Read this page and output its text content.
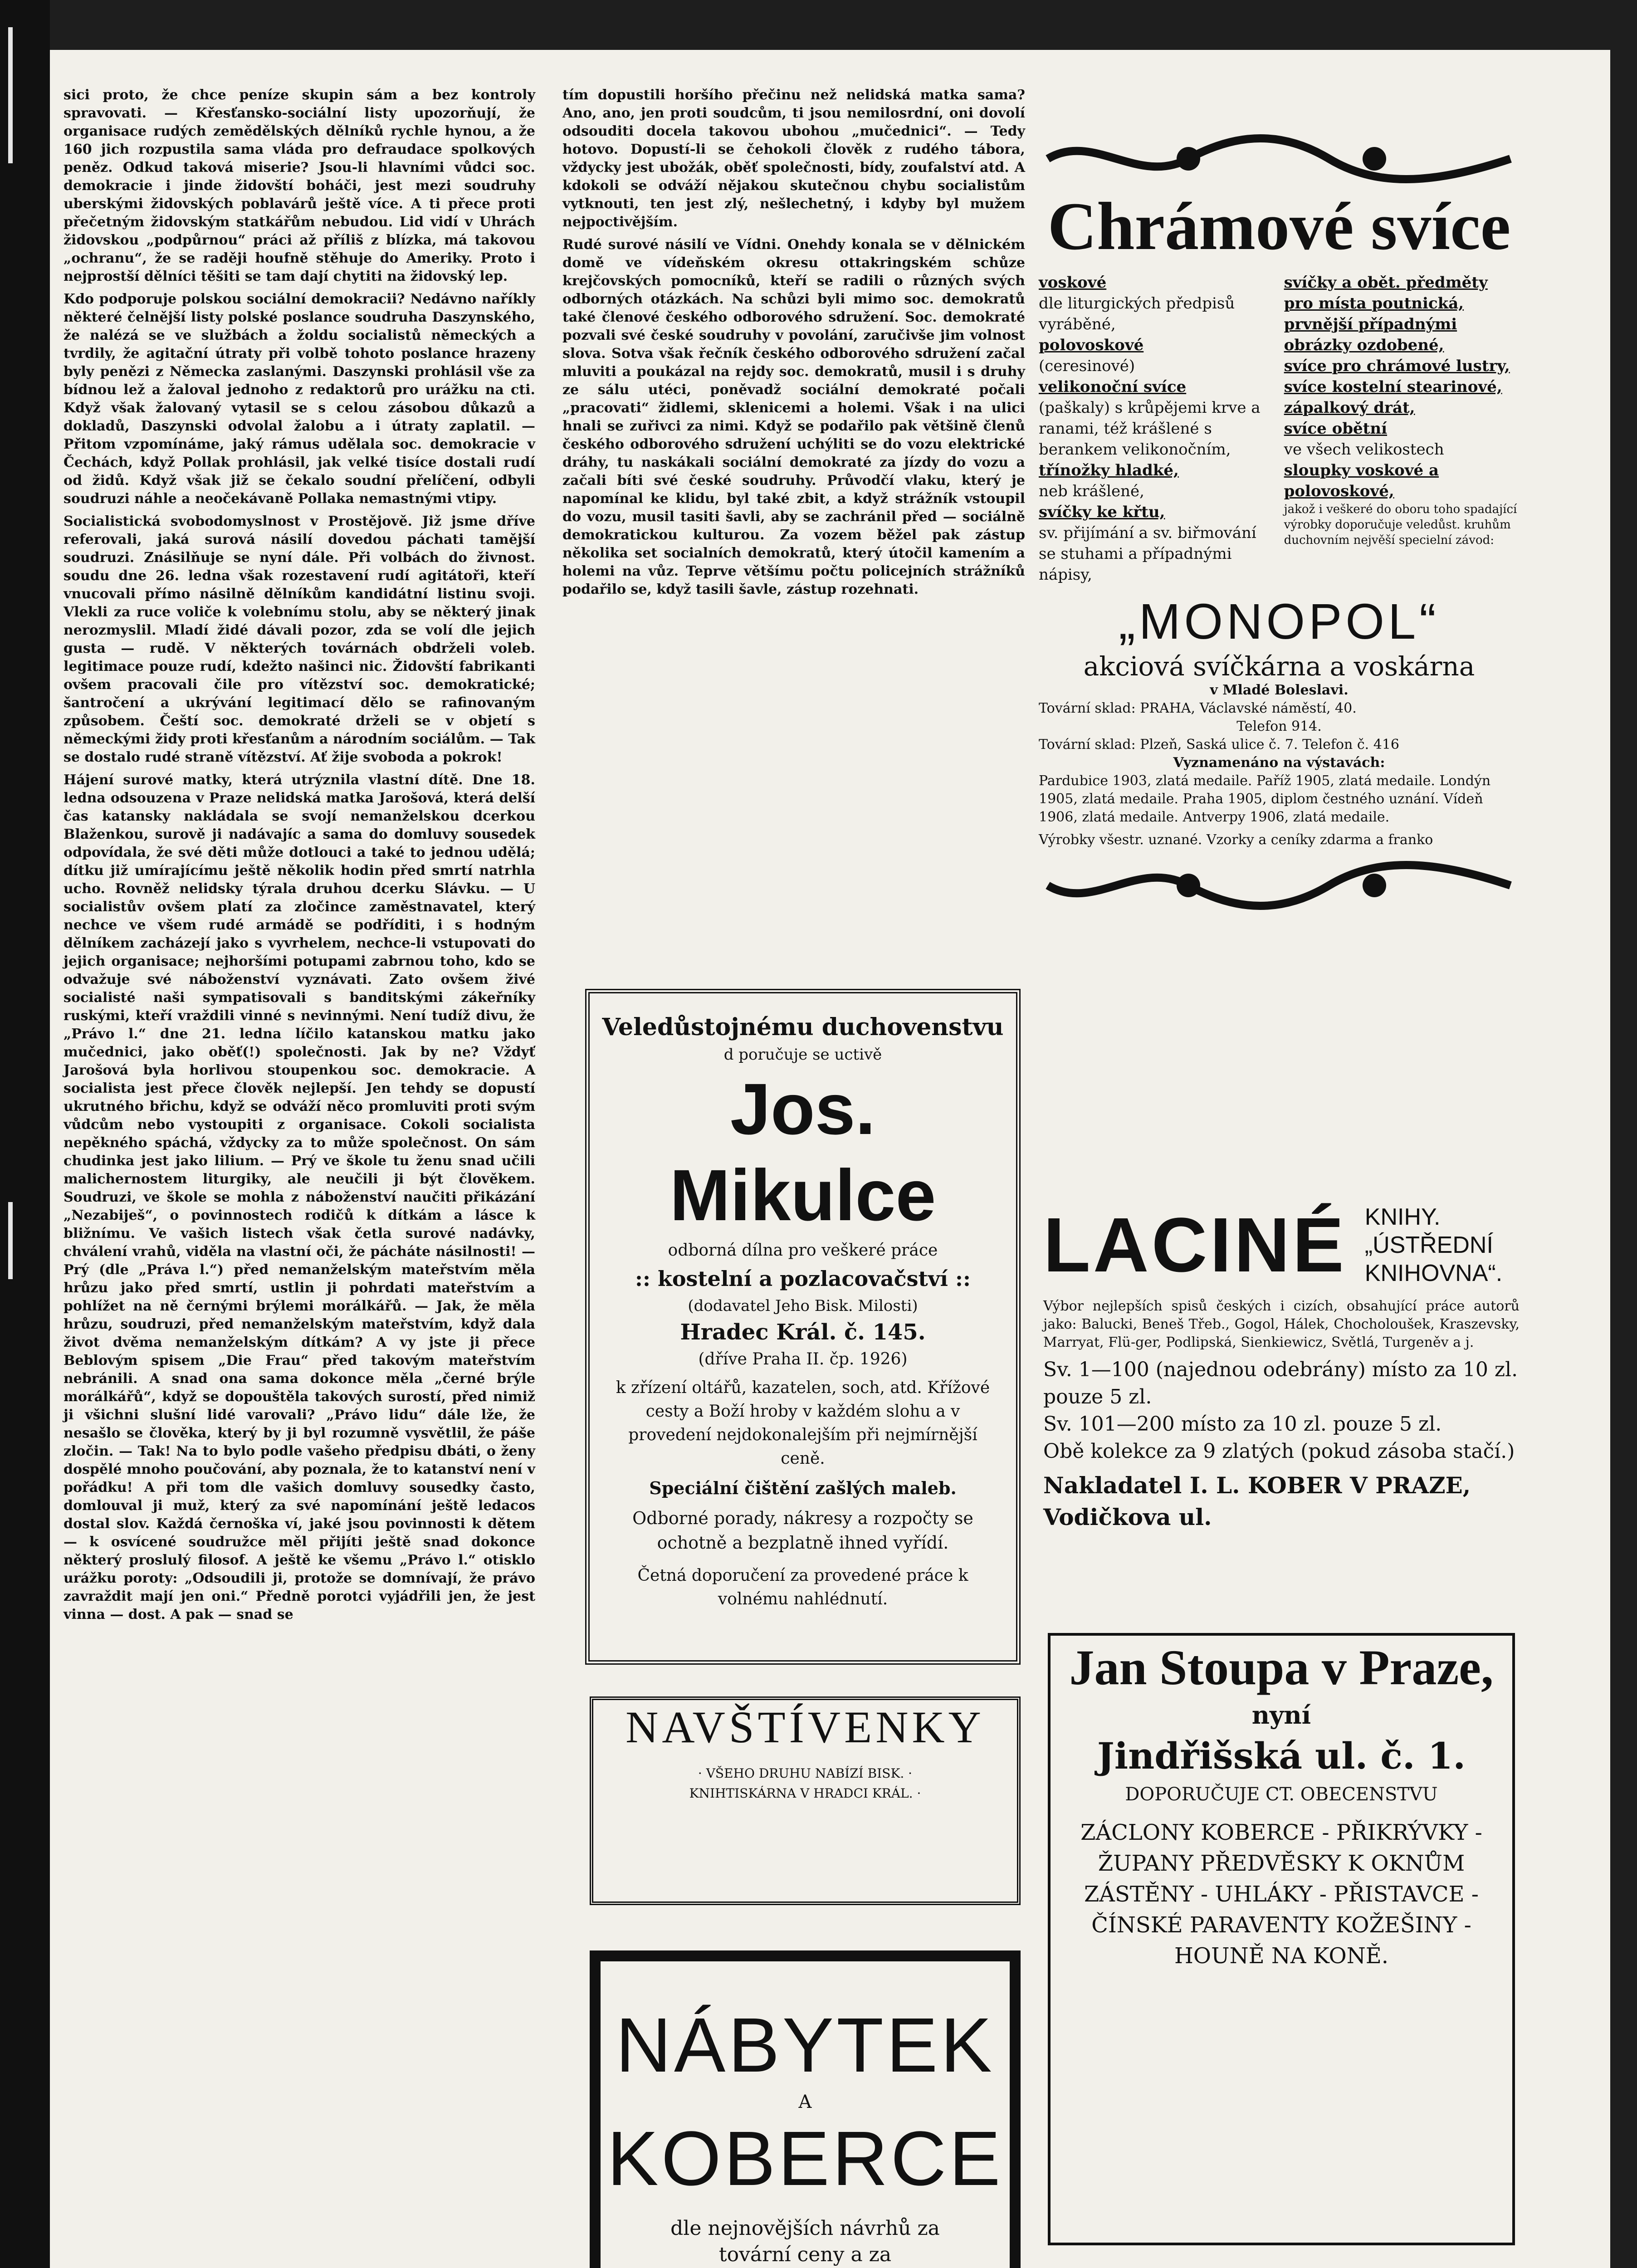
sici proto, že chce peníze skupin sám a bez kontroly spravovati. — Křesťansko-sociální listy upozorňují, že organisace rudých zemědělských dělníků rychle hynou, a že 160 jich rozpustila sama vláda pro defraudace spolkových peněz. Odkud taková miserie? Jsou-li hlavními vůdci soc. demokracie i jinde židovští boháči, jest mezi soudruhy uberskými židovských poblavárů ještě více. A ti přece proti přečetným židovským statkářům nebudou. Lid vidí v Uhrách židovskou „podpůrnou“ práci až příliš z blízka, má takovou „ochranu“, že se raději houfně stěhuje do Ameriky. Proto i nejprostší dělníci těšiti se tam dají chytiti na židovský lep.

Kdo podporuje polskou sociální demokracii? Nedávno naříkly některé čelnější listy polské poslance soudruha Daszynského, že nalézá se ve službách a žoldu socialistů německých a tvrdily, že agitační útraty při volbě tohoto poslance hrazeny byly penězi z Německa zaslanými. Daszynski prohlásil vše za bídnou lež a žaloval jednoho z redaktorů pro urážku na cti. Když však žalovaný vytasil se s celou zásobou důkazů a dokladů, Daszynski odvolal žalobu a i útraty zaplatil. — Přitom vzpomínáme, jaký rámus udělala soc. demokracie v Čechách, když Pollak prohlásil, jak velké tisíce dostali rudí od židů. Když však již se čekalo soudní přelíčení, odbyli soudruzi náhle a neočekávaně Pollaka nemastnými vtipy.

Socialistická svobodomyslnost v Prostějově. Již jsme dříve referovali, jaká surová násilí dovedou páchati tamější soudruzi. Znásilňuje se nyní dále. Při volbách do živnost. soudu dne 26. ledna však rozestavení rudí agitátoři, kteří vnucovali přímo násilně dělníkům kandidátní listinu svoji. Vlekli za ruce voliče k volebnímu stolu, aby se některý jinak nerozmyslil. Mladí židé dávali pozor, zda se volí dle jejich gusta — rudě. V některých továrnách obdrželi voleb. legitimace pouze rudí, kdežto našinci nic. Židovští fabrikanti ovšem pracovali čile pro vítězství soc. demokratické; šantročení a ukrývání legitimací dělo se rafinovaným způsobem. Čeští soc. demokraté drželi se v objetí s německými židy proti křesťanům a národním sociálům. — Tak se dostalo rudé straně vítězství. Ať žije svoboda a pokrok!

Hájení surové matky, která utrýznila vlastní dítě. Dne 18. ledna odsouzena v Praze nelidská matka Jarošová, která delší čas katansky nakládala se svojí nemanželskou dcerkou Blaženkou, surově ji nadávajíc a sama do domluvy sousedek odpovídala, že své děti může dotlouci a také to jednou udělá; dítku již umírajícímu ještě několik hodin před smrtí natrhla ucho. Rovněž nelidsky týrala druhou dcerku Slávku. — U socialistův ovšem platí za zločince zaměstnavatel, který nechce ve všem rudé armádě se podříditi, i s hodným dělníkem zacházejí jako s vyvrhelem, nechce-li vstupovati do jejich organisace; nejhoršími potupami zabrnou toho, kdo se odvažuje své náboženství vyznávati. Zato ovšem živé socialisté naši sympatisovali s banditskými zákeřníky ruskými, kteří vraždili vinné s nevinnými. Není tudíž divu, že „Právo l.“ dne 21. ledna líčilo katanskou matku jako mučednici, jako oběť(!) společnosti. Jak by ne? Vždyť Jarošová byla horlivou stoupenkou soc. demokracie. A socialista jest přece člověk nejlepší. Jen tehdy se dopustí ukrutného břichu, když se odváží něco promluviti proti svým vůdcům nebo vystoupiti z organisace. Cokoli socialista nepěkného spáchá, vždycky za to může společnost. On sám chudinka jest jako lilium. — Prý ve škole tu ženu snad učili malichernostem liturgiky, ale neučili ji být člověkem. Soudruzi, ve škole se mohla z náboženství naučiti přikázání „Nezabiješ“, o povinnostech rodičů k dítkám a lásce k bližnímu. Ve vašich listech však četla surové nadávky, chválení vrahů, viděla na vlastní oči, že pácháte násilnosti! — Prý (dle „Práva l.“) před nemanželským mateřstvím měla hrůzu jako před smrtí, ustlin ji pohrdati mateřstvím a pohlížet na ně černými brýlemi morálkářů. — Jak, že měla hrůzu, soudruzi, před nemanželským mateřstvím, když dala život dvěma nemanželským dítkám? A vy jste ji přece Beblovým spisem „Die Frau“ před takovým mateřstvím nebránili. A snad ona sama dokonce měla „černé brýle morálkářů“, když se dopouštěla takových surostí, před nimiž ji všichni slušní lidé varovali? „Právo lidu“ dále lže, že nesašlo se člověka, který by ji byl rozumně vysvětlil, že páše zločin. — Tak! Na to bylo podle vašeho předpisu dbáti, o ženy dospělé mnoho poučování, aby poznala, že to katanství není v pořádku! A při tom dle vašich domluvy sousedky často, domlouval ji muž, který za své napomínání ještě ledacos dostal slov. Každá černoška ví, jaké jsou povinnosti k dětem — k osvícené soudružce měl přijíti ještě snad dokonce některý proslulý filosof. A ještě ke všemu „Právo l.“ otisklo urážku poroty: „Odsoudili ji, protože se domnívají, že právo zavraždit mají jen oni.“ Předně porotci vyjádřili jen, že jest vinna — dost. A pak — snad se

tím dopustili horšího přečinu než nelidská matka sama? Ano, ano, jen proti soudcům, ti jsou nemilosrdní, oni dovolí odsouditi docela takovou ubohou „mučednici“. — Tedy hotovo. Dopustí-li se čehokoli člověk z rudého tábora, vždycky jest ubožák, oběť společnosti, bídy, zoufalství atd. A kdokoli se odváží nějakou skutečnou chybu socialistům vytknouti, ten jest zlý, nešlechetný, i kdyby byl mužem nejpoctivějším.

Rudé surové násilí ve Vídni. Onehdy konala se v dělnickém domě ve vídeňském okresu ottakringském schůze krejčovských pomocníků, kteří se radili o různých svých odborných otázkách. Na schůzi byli mimo soc. demokratů také členové českého odborového sdružení. Soc. demokraté pozvali své české soudruhy v povolání, zaručivše jim volnost slova. Sotva však řečník českého odborového sdružení začal mluviti a poukázal na rejdy soc. demokratů, musil i s druhy ze sálu utéci, poněvadž sociální demokraté počali „pracovati“ židlemi, sklenicemi a holemi. Však i na ulici hnali se zuřivci za nimi. Když se podařilo pak většině členů českého odborového sdružení uchýliti se do vozu elektrické dráhy, tu naskákali sociální demokraté za jízdy do vozu a začali bíti své české soudruhy. Průvodčí vlaku, který je napomínal ke klidu, byl také zbit, a když strážník vstoupil do vozu, musil tasiti šavli, aby se zachránil před — sociálně demokratickou kulturou. Za vozem běžel pak zástup několika set socialních demokratů, který útočil kamením a holemi na vůz. Teprve většímu počtu policejních strážníků podařilo se, když tasili šavle, zástup rozehnati.

Veledůstojnému duchovenstvu

d poručuje se uctivě

Jos. Mikulce

odborná dílna pro veškeré práce

:: kostelní a pozlacovačství ::

(dodavatel Jeho Bisk. Milosti)

Hradec Král. č. 145.

(dříve Praha II. čp. 1926)

k zřízení oltářů, kazatelen, soch, atd. Křížové cesty a Boží hroby v každém slohu a v provedení nejdokonalejším při nejmírnější ceně.

Speciální čištění zašlých maleb.

Odborné porady, nákresy a rozpočty se ochotně a bezplatně ihned vyřídí.

Četná doporučení za provedené práce k volnému nahlédnutí.

NAVŠTÍVENKY

· VŠEHO DRUHU NABÍZÍ BISK. ·

KNIHTISKÁRNA V HRADCI KRÁL. ·

NÁBYTEK

A

KOBERCE

dle nejnovějších návrhů za tovární ceny a za

Chrámové svíce

voskové

dle liturgických předpisů vyráběné,

polovoskové

(ceresinové)

velikonoční svíce

(paškaly) s krůpějemi krve a ranami, též krášlené s berankem velikonočním,

třínožky hladké,

neb krášlené,

svíčky ke křtu,

sv. přijímání a sv. biřmování se stuhami a případnými nápisy,

svíčky a obět. předměty pro místa poutnická, prvnější případnými obrázky ozdobené,

svíce pro chrámové lustry,

svíce kostelní stearinové,

zápalkový drát,

svíce obětní

ve všech velikostech

sloupky voskové a polovoskové,

jakož i veškeré do oboru toho spadající výrobky doporučuje veledůst. kruhům duchovním nejvěší specielní závod:

„MONOPOL“

akciová svíčkárna a voskárna

v Mladé Boleslavi.

Tovární sklad: PRAHA, Václavské náměstí, 40.

Telefon 914.

Tovární sklad: Plzeň, Saská ulice č. 7. Telefon č. 416

Vyznamenáno na výstavách:

Pardubice 1903, zlatá medaile. Paříž 1905, zlatá medaile. Londýn 1905, zlatá medaile. Praha 1905, diplom čestného uznání. Vídeň 1906, zlatá medaile. Antverpy 1906, zlatá medaile.

Výrobky všestr. uznané. Vzorky a ceníky zdarma a franko

LACINÉ KNIHY.

„ÚSTŘEDNÍ

KNIHOVNA“.

Výbor nejlepších spisů českých i cizích, obsahující práce autorů jako: Balucki, Beneš Třeb., Gogol, Hálek, Chocholoušek, Kraszevsky, Marryat, Flü-ger, Podlipská, Sienkiewicz, Světlá, Turgeněv a j.

Sv. 1—100 (najednou odebrány) místo za 10 zl. pouze 5 zl.

Sv. 101—200 místo za 10 zl. pouze 5 zl.

Obě kolekce za 9 zlatých (pokud zásoba stačí.)

Nakladatel I. L. KOBER V PRAZE, Vodičkova ul.

Jan Stoupa v Praze,

nyní

Jindřišská ul. č. 1.

DOPORUČUJE CT. OBECENSTVU

ZÁCLONY KOBERCE - PŘIKRÝVKY - ŽUPANY PŘEDVĚSKY K OKNŮM ZÁSTĚNY - UHLÁKY - PŘISTAVCE - ČÍNSKÉ PARAVENTY KOŽEŠINY - HOUNĚ NA KONĚ.
